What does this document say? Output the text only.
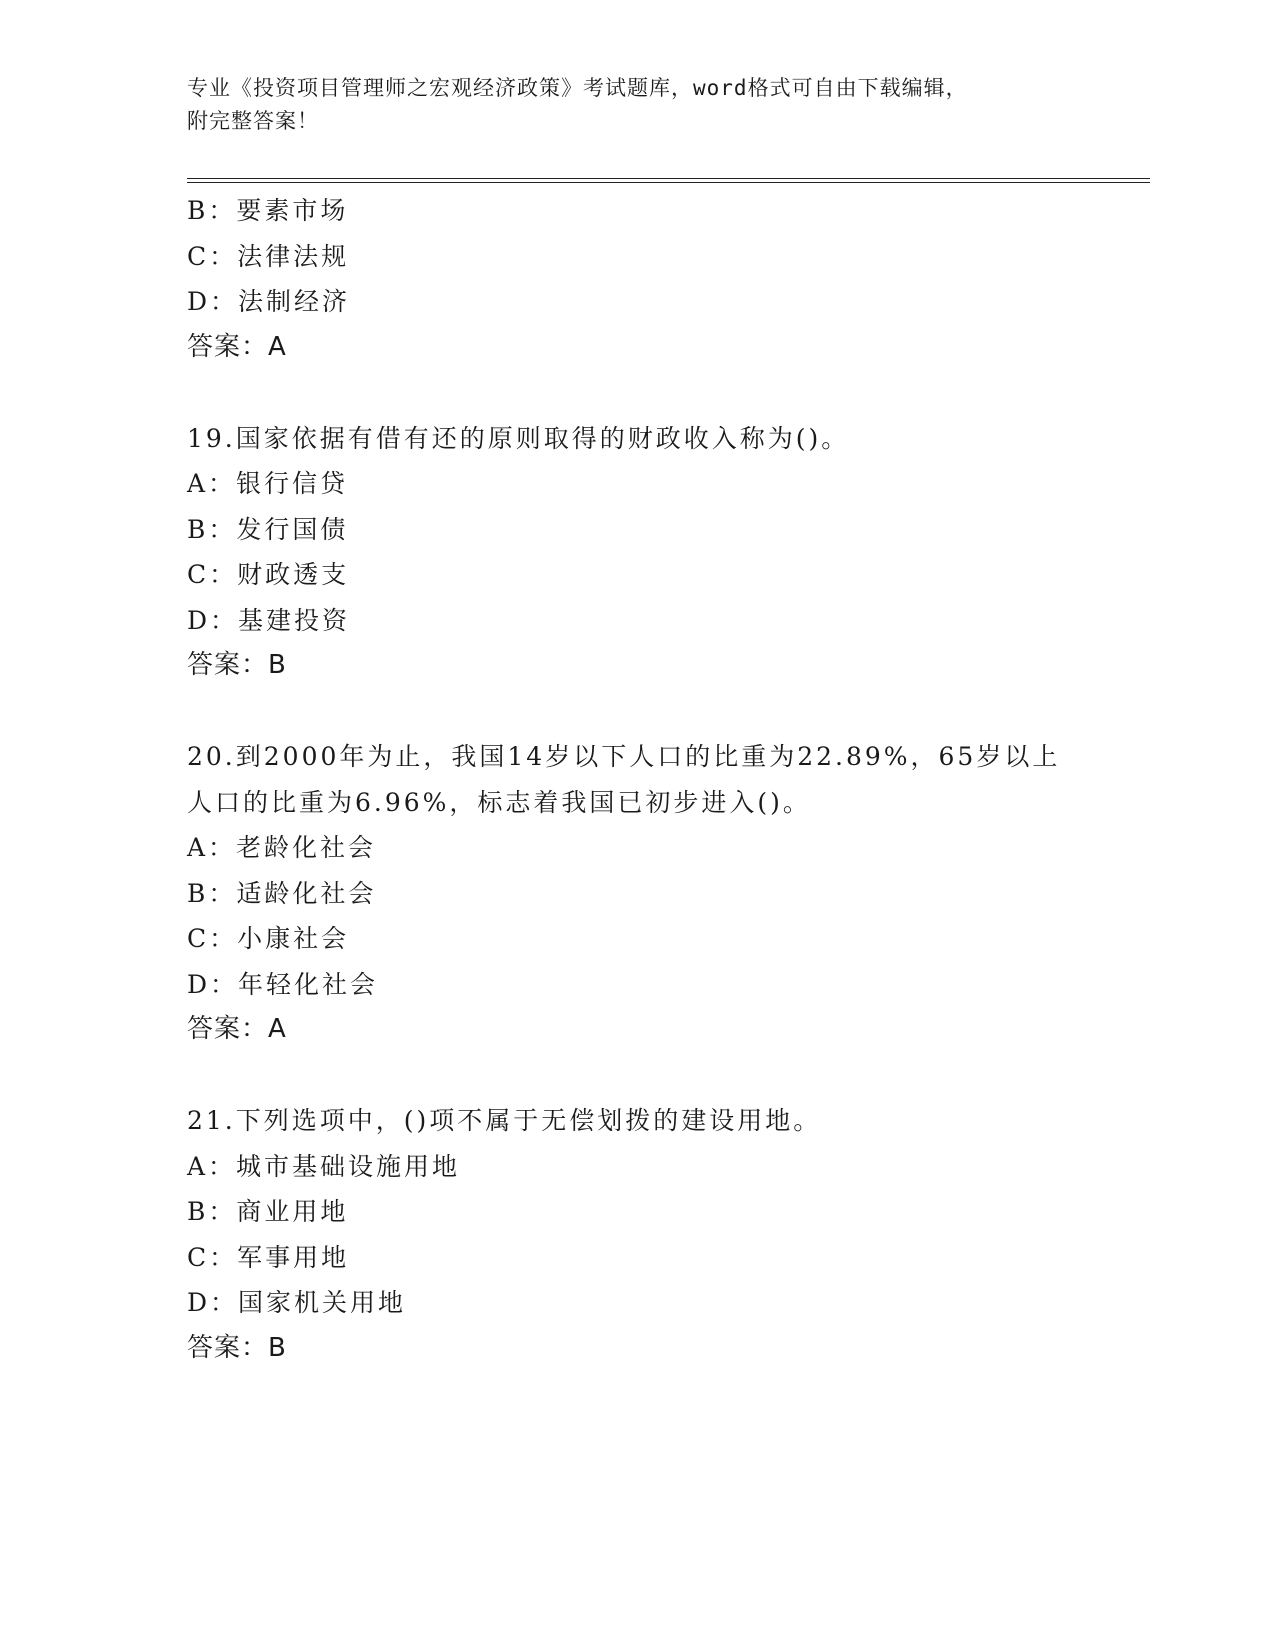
专业《投资项目管理师之宏观经济政策》考试题库，word格式可自由下载编辑，
附完整答案！
B：要素市场
C：法律法规
D：法制经济
答案：A
19.国家依据有借有还的原则取得的财政收入称为()。
A：银行信贷
B：发行国债
C：财政透支
D：基建投资
答案：B
20.到2000年为止，我国14岁以下人口的比重为22.89%，65岁以上
人口的比重为6.96%，标志着我国已初步进入()。
A：老龄化社会
B：适龄化社会
C：小康社会
D：年轻化社会
答案：A
21.下列选项中，()项不属于无偿划拨的建设用地。
A：城市基础设施用地
B：商业用地
C：军事用地
D：国家机关用地
答案：B
